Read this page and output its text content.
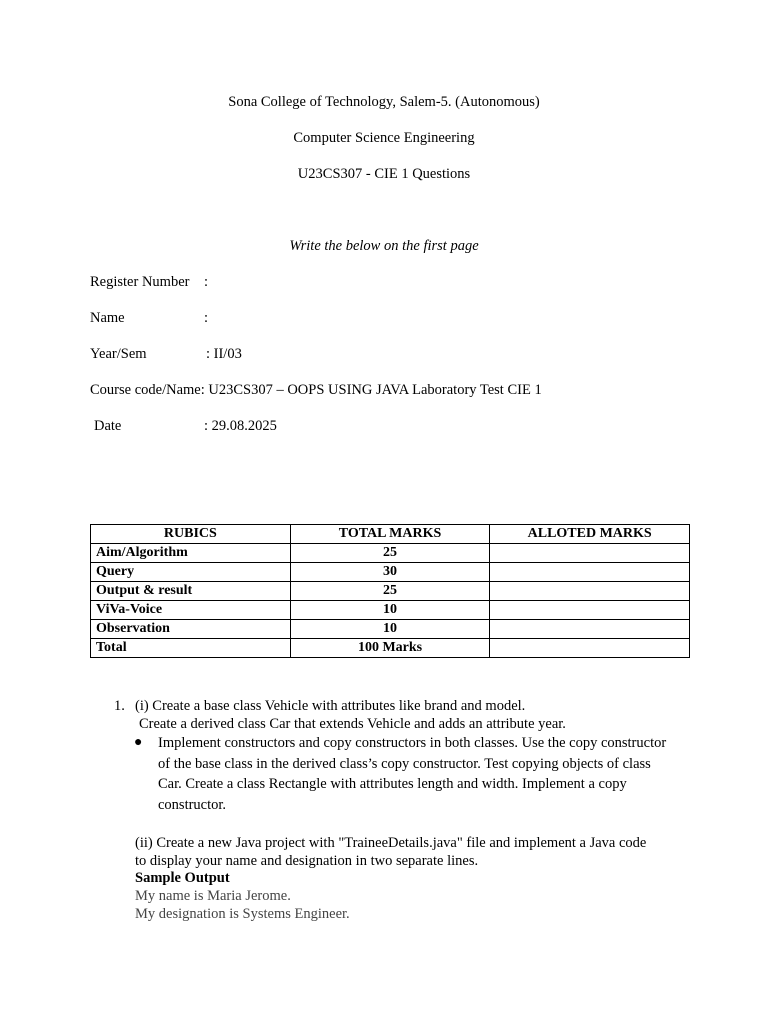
Sona College of Technology, Salem-5. (Autonomous)
Computer Science Engineering
U23CS307 - CIE 1 Questions
Write the below on the first page
Register Number :
Name	:
Year/Sem	: II/03
Course code/Name: U23CS307 – OOPS USING JAVA Laboratory Test CIE 1
Date	: 29.08.2025
RUBICS	TOTAL MARKS	ALLOTED MARKS
Aim/Algorithm	25	
Query	30	
Output & result	25	
ViVa-Voice	10	
Observation	10	
Total	100 Marks	
1. (i) Create a base class Vehicle with attributes like brand and model.
Create a derived class Car that extends Vehicle and adds an attribute year.
● Implement constructors and copy constructors in both classes. Use the copy constructor of the base class in the derived class’s copy constructor. Test copying objects of class Car. Create a class Rectangle with attributes length and width. Implement a copy constructor.
(ii) Create a new Java project with "TraineeDetails.java" file and implement a Java code
to display your name and designation in two separate lines.
Sample Output
My name is Maria Jerome.
My designation is Systems Engineer.
